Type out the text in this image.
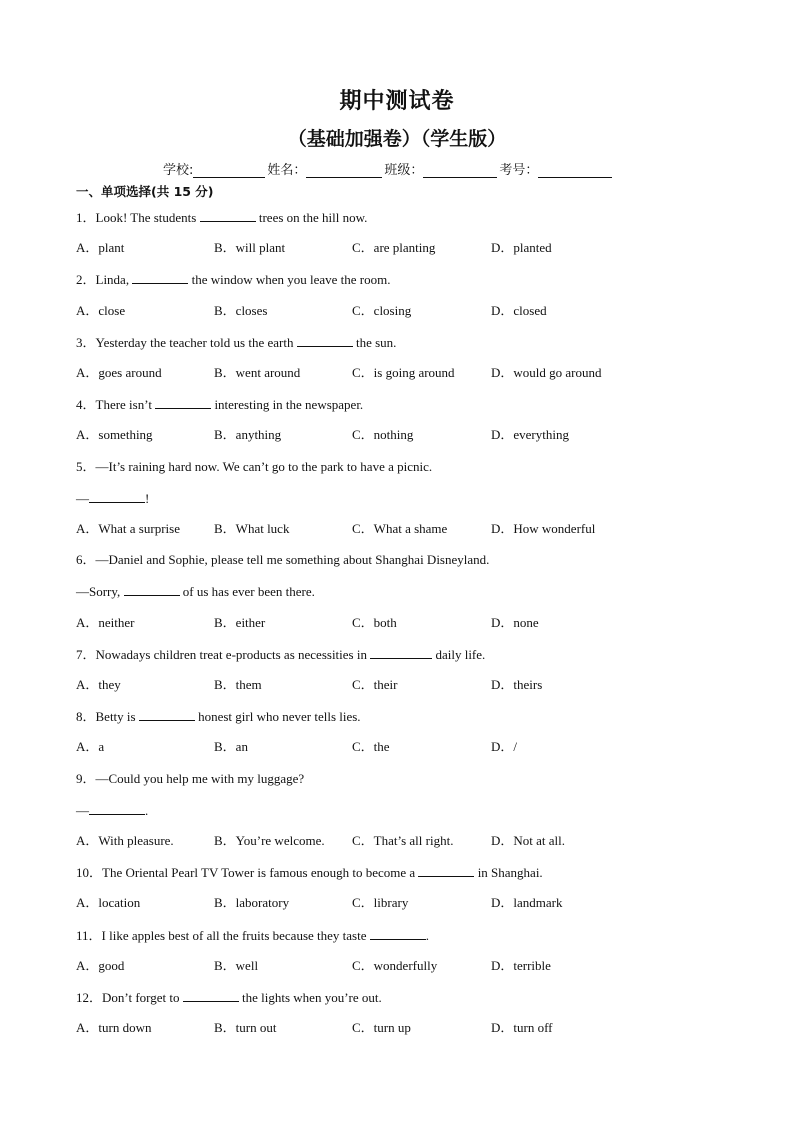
期中测试卷
（基础加强卷）（学生版）
学校:	姓名：	班级：	考号：
一、单项选择(共 15 分)
1．Look! The students	trees on the hill now.
A．plant	B．will plant	C．are planting	D．planted
2．Linda,	the window when you leave the room.
A．close	B．closes	C．closing	D．closed
3．Yesterday the teacher told us the earth	the sun.
A．goes around	B．went around	C．is going around	D．would go around
4．There isn’t	interesting in the newspaper.
A．something	B．anything	C．nothing	D．everything
5．—It’s raining hard now. We can’t go to the park to have a picnic.
—	!
A．What a surprise	B．What luck	C．What a shame	D．How wonderful
6．—Daniel and Sophie, please tell me something about Shanghai Disneyland.
—Sorry,	of us has ever been there.
A．neither	B．either	C．both	D．none
7．Nowadays children treat e-products as necessities in	daily life.
A．they	B．them	C．their	D．theirs
8．Betty is	honest girl who never tells lies.
A．a	B．an	C．the	D．/
9．—Could you help me with my luggage?
—	.
A．With pleasure.	B．You’re welcome. C．That’s all right.	D．Not at all.
10．The Oriental Pearl TV Tower is famous enough to become a	in Shanghai.
A．location	B．laboratory	C．library	D．landmark
11．I like apples best of all the fruits because they taste	.
A．good	B．well	C．wonderfully	D．terrible
12．Don’t forget to	the lights when you’re out.
A．turn down	B．turn out	C．turn up	D．turn off
